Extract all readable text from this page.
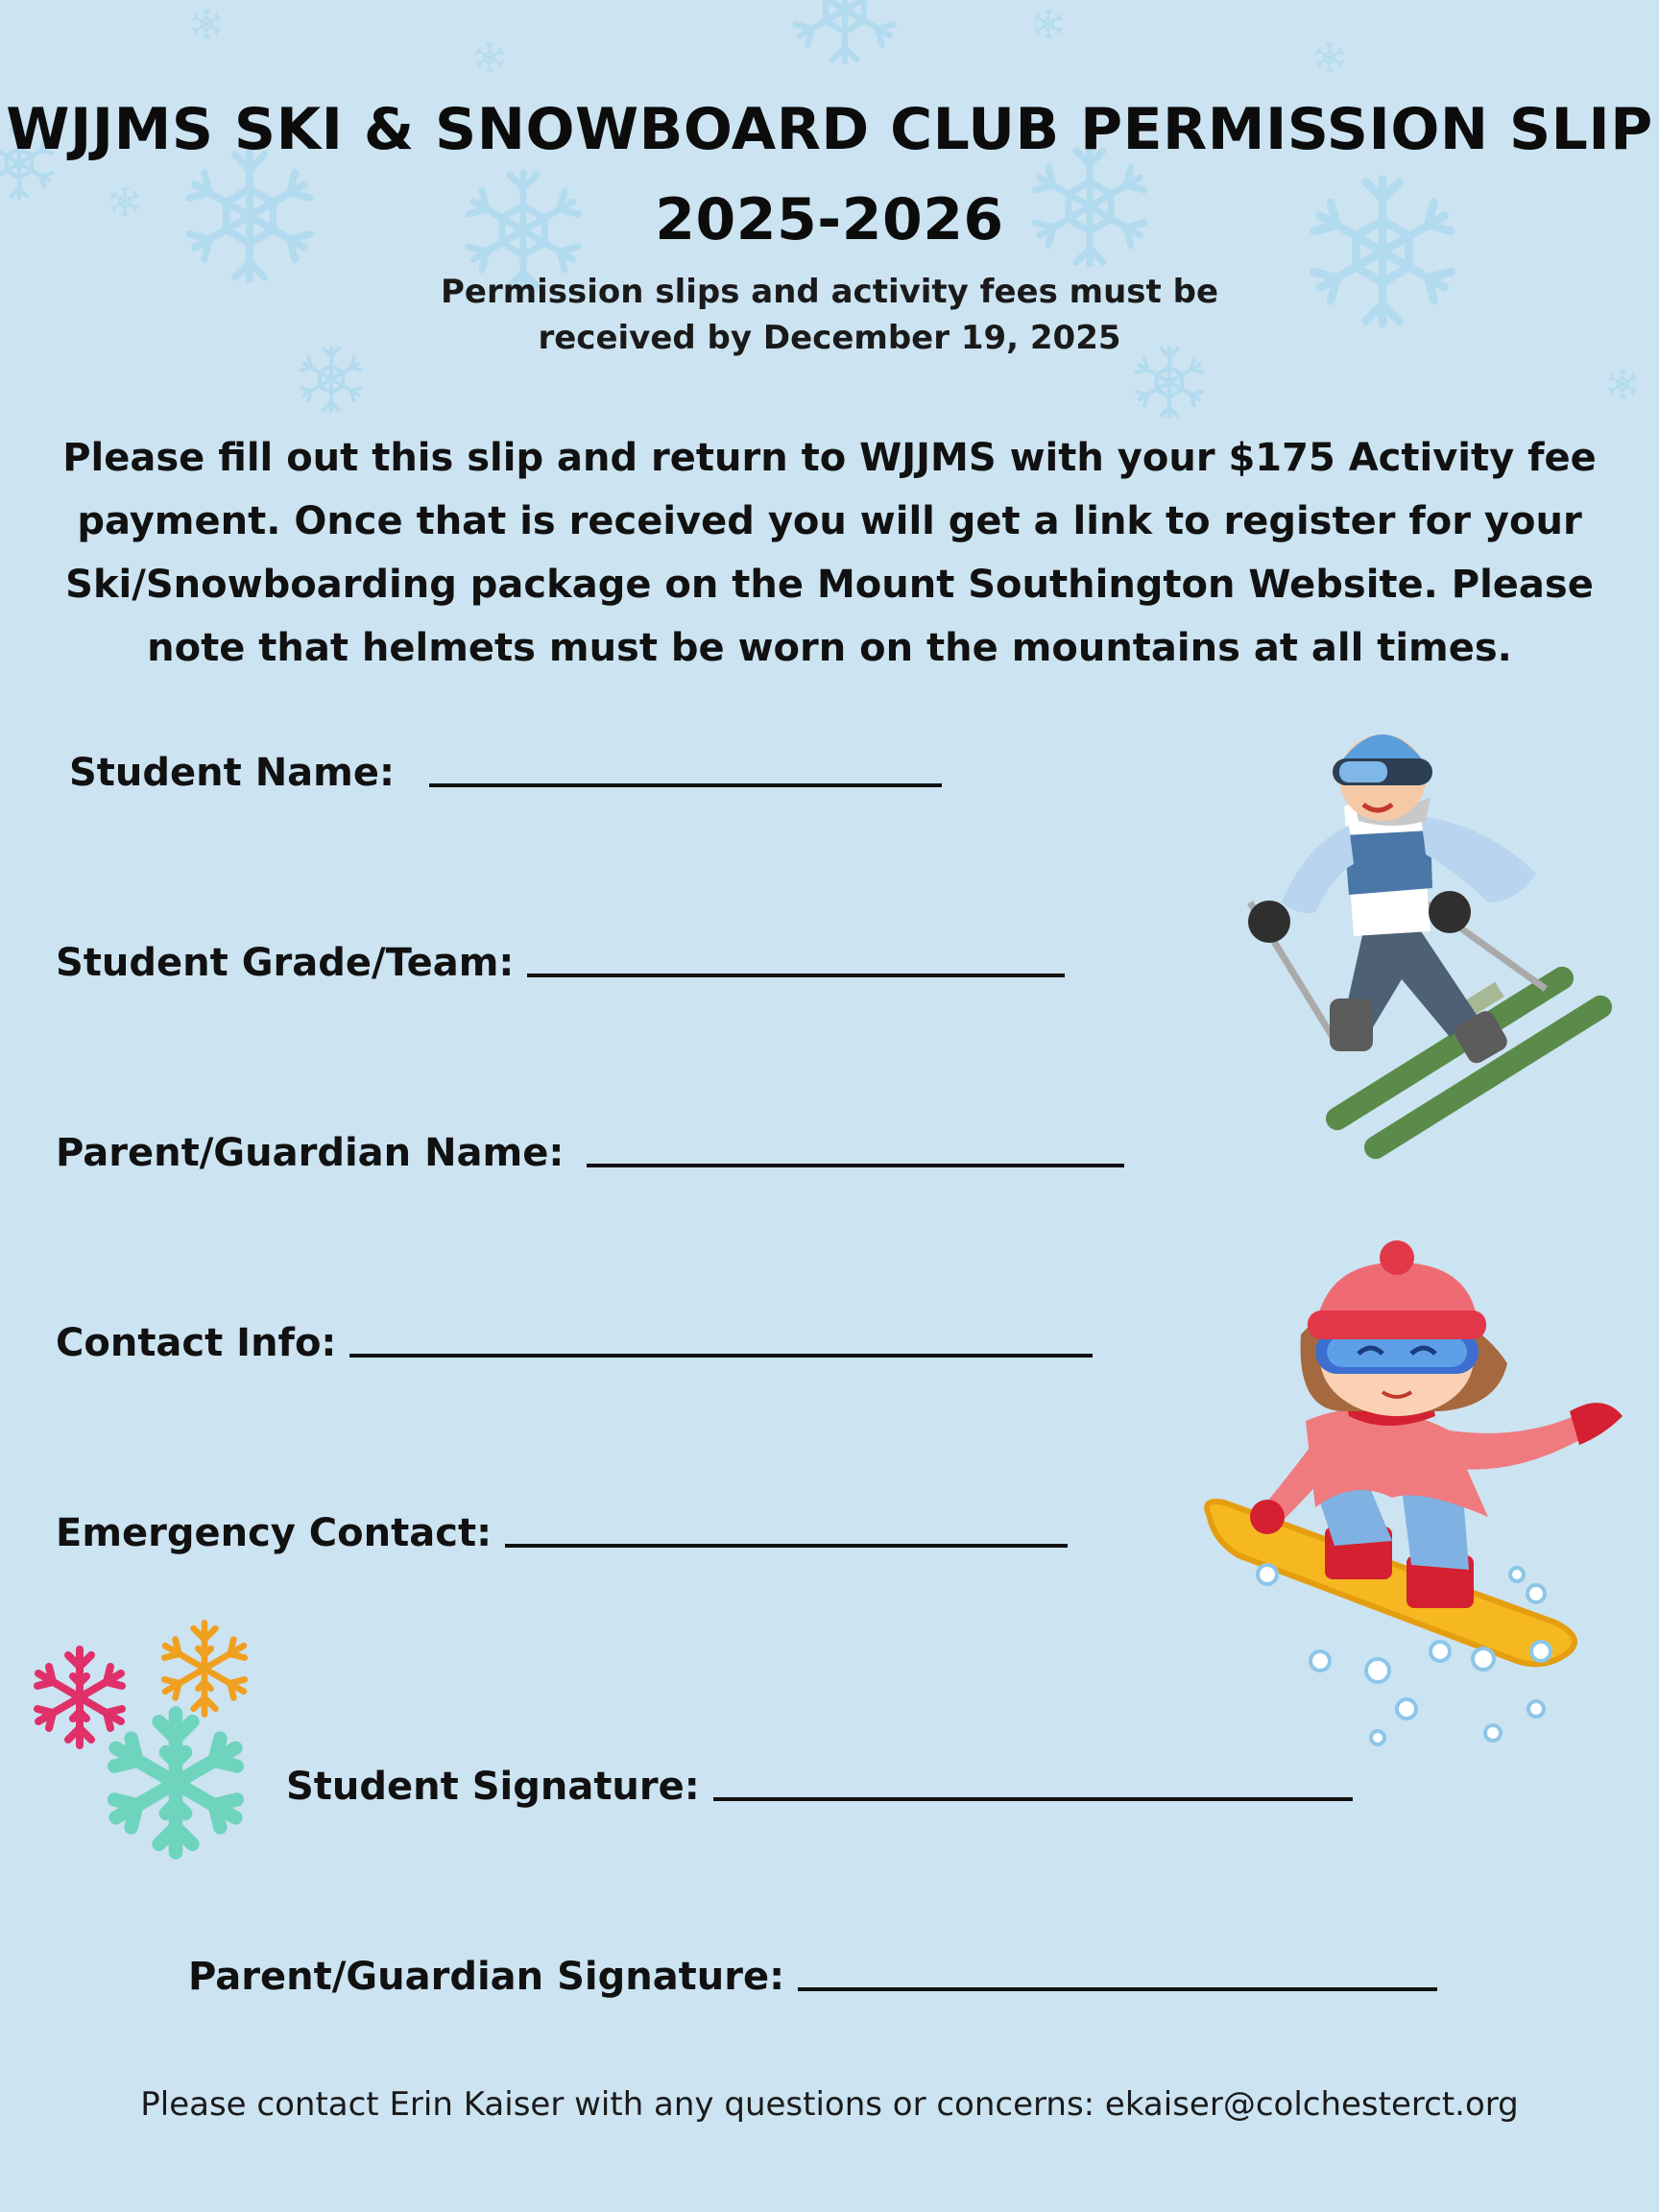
WJJMS SKI & SNOWBOARD CLUB PERMISSION SLIP 2025-2026
Permission slips and activity fees must be
received by December 19, 2025
Please fill out this slip and return to WJJMS with your $175 Activity fee payment. Once that is received you will get a link to register for your Ski/Snowboarding package on the Mount Southington Website. Please note that helmets must be worn on the mountains at all times.
Student Name:
Student Grade/Team:
Parent/Guardian Name:
Contact Info:
Emergency Contact:
Student Signature:
Parent/Guardian Signature:
Please contact Erin Kaiser with any questions or concerns: ekaiser@colchesterct.org
